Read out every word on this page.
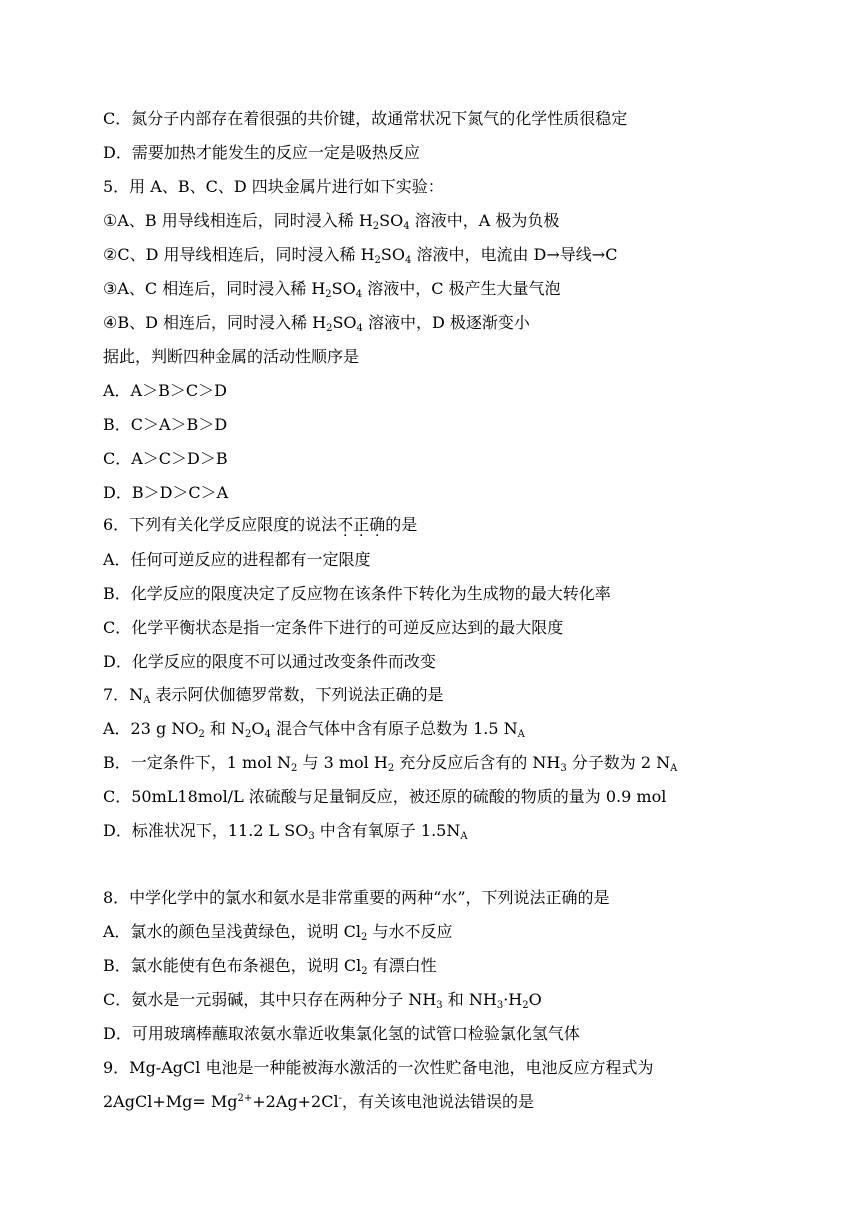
C．氮分子内部存在着很强的共价键，故通常状况下氮气的化学性质很稳定
D．需要加热才能发生的反应一定是吸热反应
5．用 A、B、C、D 四块金属片进行如下实验：
①A、B 用导线相连后，同时浸入稀 $H_2SO_4$ 溶液中，A 极为负极
②C、D 用导线相连后，同时浸入稀 $H_2SO_4$ 溶液中，电流由 D→导线→C
③A、C 相连后，同时浸入稀 $H_2SO_4$ 溶液中，C 极产生大量气泡
④B、D 相连后，同时浸入稀 $H_2SO_4$ 溶液中，D 极逐渐变小
据此，判断四种金属的活动性顺序是
A．A＞B＞C＞D
B．C＞A＞B＞D
C．A＞C＞D＞B
D．B＞D＞C＞A
6．下列有关化学反应限度的说法不正确的是
A．任何可逆反应的进程都有一定限度
B．化学反应的限度决定了反应物在该条件下转化为生成物的最大转化率
C．化学平衡状态是指一定条件下进行的可逆反应达到的最大限度
D．化学反应的限度不可以通过改变条件而改变
7．$N_A$ 表示阿伏伽德罗常数，下列说法正确的是
A．23 g $NO_2$ 和 $N_2O_4$ 混合气体中含有原子总数为 1.5 $N_A$
B．一定条件下，1 mol $N_2$ 与 3 mol $H_2$ 充分反应后含有的 $NH_3$ 分子数为 2 $N_A$
C．50mL18mol/L 浓硫酸与足量铜反应，被还原的硫酸的物质的量为 0.9 mol
D．标准状况下，11.2 L $SO_3$ 中含有氧原子 $1.5N_A$
8．中学化学中的氯水和氨水是非常重要的两种“水”，下列说法正确的是
A．氯水的颜色呈浅黄绿色，说明 $Cl_2$ 与水不反应
B．氯水能使有色布条褪色，说明 $Cl_2$ 有漂白性
C．氨水是一元弱碱，其中只存在两种分子 $NH_3$ 和 $NH_3\cdot H_2O$
D．可用玻璃棒蘸取浓氨水靠近收集氯化氢的试管口检验氯化氢气体
9．Mg-AgCl 电池是一种能被海水激活的一次性贮备电池，电池反应方程式为
2AgCl+Mg= $Mg^{2+}+2Ag+2Cl^-$，有关该电池说法错误的是
